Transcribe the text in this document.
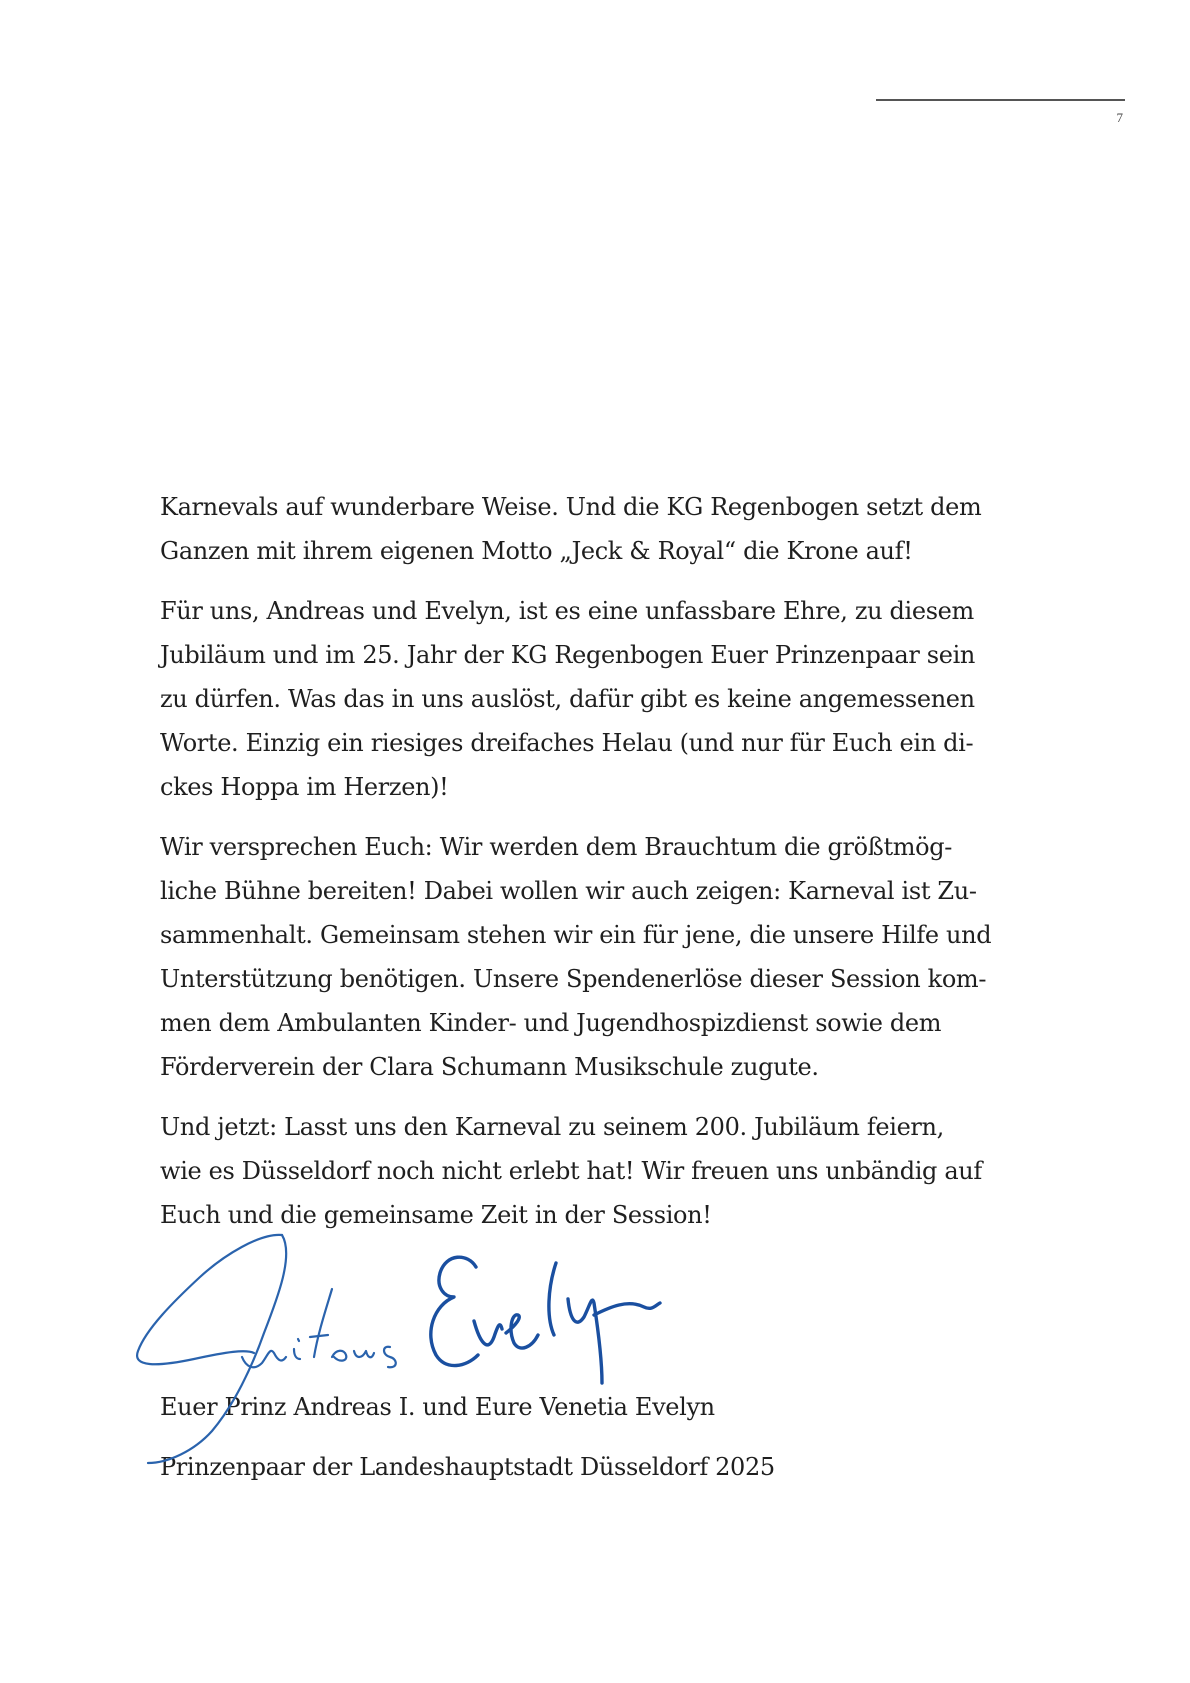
7

Karnevals auf wunderbare Weise. Und die KG Regenbogen setzt dem
Ganzen mit ihrem eigenen Motto „Jeck & Royal“ die Krone auf!

Für uns, Andreas und Evelyn, ist es eine unfassbare Ehre, zu diesem
Jubiläum und im 25. Jahr der KG Regenbogen Euer Prinzenpaar sein
zu dürfen. Was das in uns auslöst, dafür gibt es keine angemessenen
Worte. Einzig ein riesiges dreifaches Helau (und nur für Euch ein di-
ckes Hoppa im Herzen)!

Wir versprechen Euch: Wir werden dem Brauchtum die größtmög-
liche Bühne bereiten! Dabei wollen wir auch zeigen: Karneval ist Zu-
sammenhalt. Gemeinsam stehen wir ein für jene, die unsere Hilfe und
Unterstützung benötigen. Unsere Spendenerlöse dieser Session kom-
men dem Ambulanten Kinder- und Jugendhospizdienst sowie dem
Förderverein der Clara Schumann Musikschule zugute.

Und jetzt: Lasst uns den Karneval zu seinem 200. Jubiläum feiern,
wie es Düsseldorf noch nicht erlebt hat! Wir freuen uns unbändig auf
Euch und die gemeinsame Zeit in der Session!

Euer Prinz Andreas I. und Eure Venetia Evelyn

Prinzenpaar der Landeshauptstadt Düsseldorf 2025
